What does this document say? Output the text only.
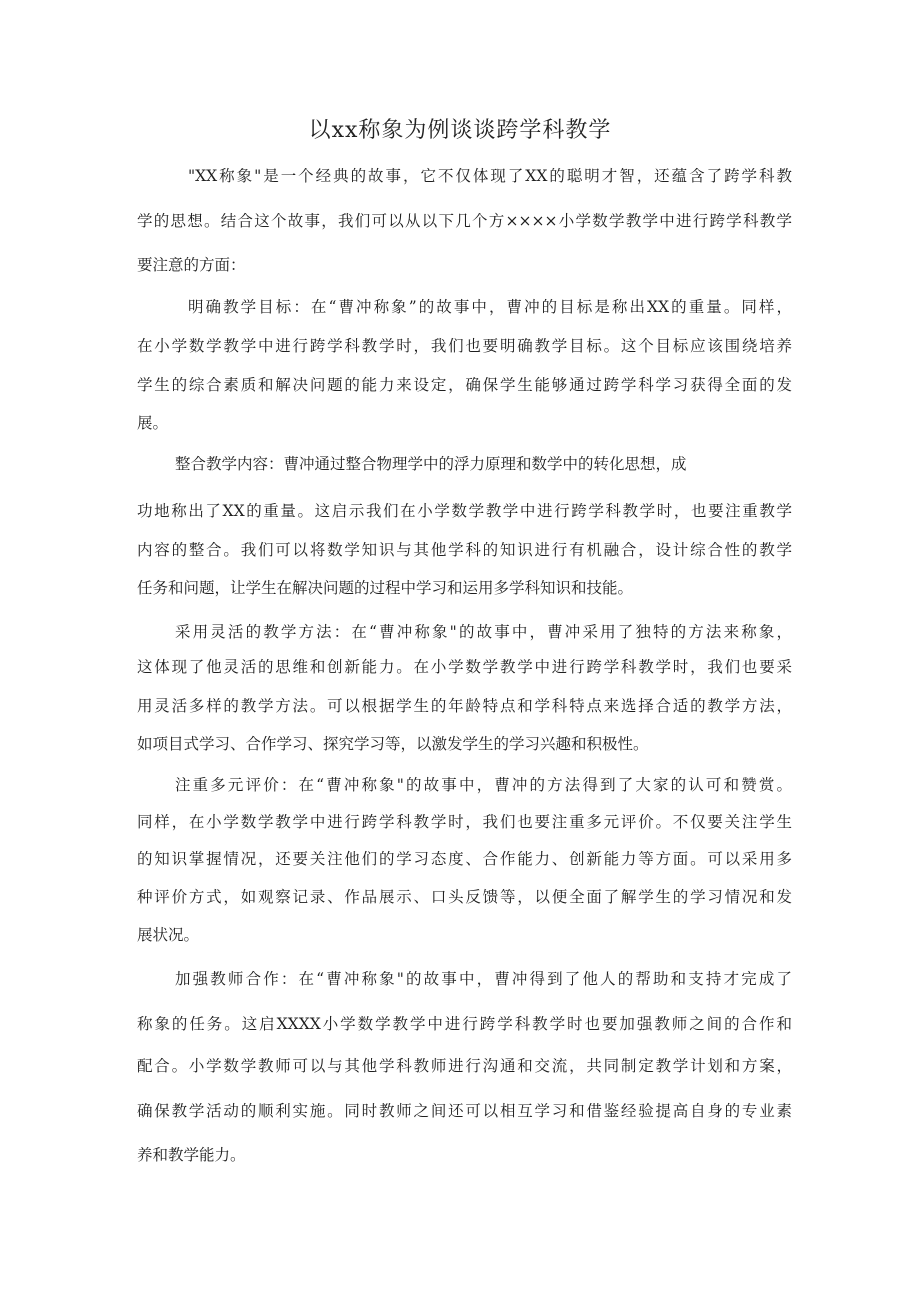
以xx称象为例谈谈跨学科教学
"XX称象"是一个经典的故事，它不仅体现了XX的聪明才智，还蕴含了跨学科教
学的思想。结合这个故事，我们可以从以下几个方××××小学数学教学中进行跨学科教学
要注意的方面：
明确教学目标：在“曹冲称象”的故事中，曹冲的目标是称出XX的重量。同样，
在小学数学教学中进行跨学科教学时，我们也要明确教学目标。这个目标应该围绕培养
学生的综合素质和解决问题的能力来设定，确保学生能够通过跨学科学习获得全面的发
展。
整合教学内容：曹冲通过整合物理学中的浮力原理和数学中的转化思想，成
功地称出了XX的重量。这启示我们在小学数学教学中进行跨学科教学时，也要注重教学
内容的整合。我们可以将数学知识与其他学科的知识进行有机融合，设计综合性的教学
任务和问题，让学生在解决问题的过程中学习和运用多学科知识和技能。
采用灵活的教学方法：在“曹冲称象"的故事中，曹冲采用了独特的方法来称象，
这体现了他灵活的思维和创新能力。在小学数学教学中进行跨学科教学时，我们也要采
用灵活多样的教学方法。可以根据学生的年龄特点和学科特点来选择合适的教学方法，
如项目式学习、合作学习、探究学习等，以激发学生的学习兴趣和积极性。
注重多元评价：在“曹冲称象"的故事中，曹冲的方法得到了大家的认可和赞赏。
同样，在小学数学教学中进行跨学科教学时，我们也要注重多元评价。不仅要关注学生
的知识掌握情况，还要关注他们的学习态度、合作能力、创新能力等方面。可以采用多
种评价方式，如观察记录、作品展示、口头反馈等，以便全面了解学生的学习情况和发
展状况。
加强教师合作：在“曹冲称象"的故事中，曹冲得到了他人的帮助和支持才完成了
称象的任务。这启XXXX小学数学教学中进行跨学科教学时也要加强教师之间的合作和
配合。小学数学教师可以与其他学科教师进行沟通和交流，共同制定教学计划和方案，
确保教学活动的顺利实施。同时教师之间还可以相互学习和借鉴经验提高自身的专业素
养和教学能力。
